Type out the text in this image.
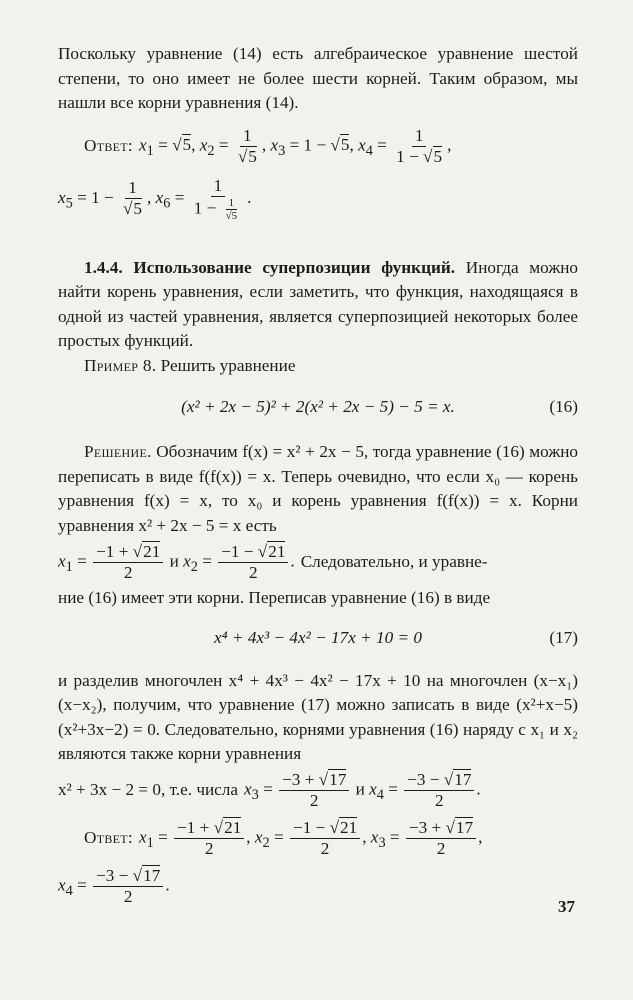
Поскольку уравнение (14) есть алгебраическое уравнение шестой степени, то оно имеет не более шести корней. Таким образом, мы нашли все корни уравнения (14).

Ответ: $x_1 = √5$, $x_2 = \frac{1}{√5}$ , $x_3 = 1 - √5$, $x_4 = \frac{1}{1 - √5}$ ,
$x_5 = 1 - \frac{1}{√5}$ , $x_6 = \frac{1}{1 - \frac{1}{√5}}$ .

1.4.4. Использование суперпозиции функций. Иногда можно найти корень уравнения, если заметить, что функция, находящаяся в одной из частей уравнения, является суперпозицией некоторых более простых функций.

Пример 8. Решить уравнение

(x² + 2x − 5)² + 2(x² + 2x − 5) − 5 = x.	(16)

Решение. Обозначим f(x) = x² + 2x − 5, тогда уравнение (16) можно переписать в виде f(f(x)) = x. Теперь очевидно, что если x₀ — корень уравнения f(x) = x, то x₀ и корень уравнения f(f(x)) = x. Корни уравнения x² + 2x − 5 = x есть

$x_1 = \frac{-1 + √21}{2}$ и $x_2 = \frac{-1 - √21}{2}$ . Следовательно, и уравне-

ние (16) имеет эти корни. Переписав уравнение (16) в виде

x⁴ + 4x³ − 4x² − 17x + 10 = 0	(17)

и разделив многочлен x⁴ + 4x³ − 4x² − 17x + 10 на многочлен (x−x₁)(x−x₂), получим, что уравнение (17) можно записать в виде (x²+x−5)(x²+3x−2) = 0. Следовательно, корнями уравнения (16) наряду с x₁ и x₂ являются также корни уравнения

x² + 3x − 2 = 0, т.е. числа $x_3 = \frac{-3 + √17}{2}$ и $x_4 = \frac{-3 - √17}{2}$ .
Ответ: $x_1 = \frac{-1 + √21}{2}$ , $x_2 = \frac{-1 - √21}{2}$ , $x_3 = \frac{-3 + √17}{2}$ ,
$x_4 = \frac{-3 - √17}{2}$ .
37
